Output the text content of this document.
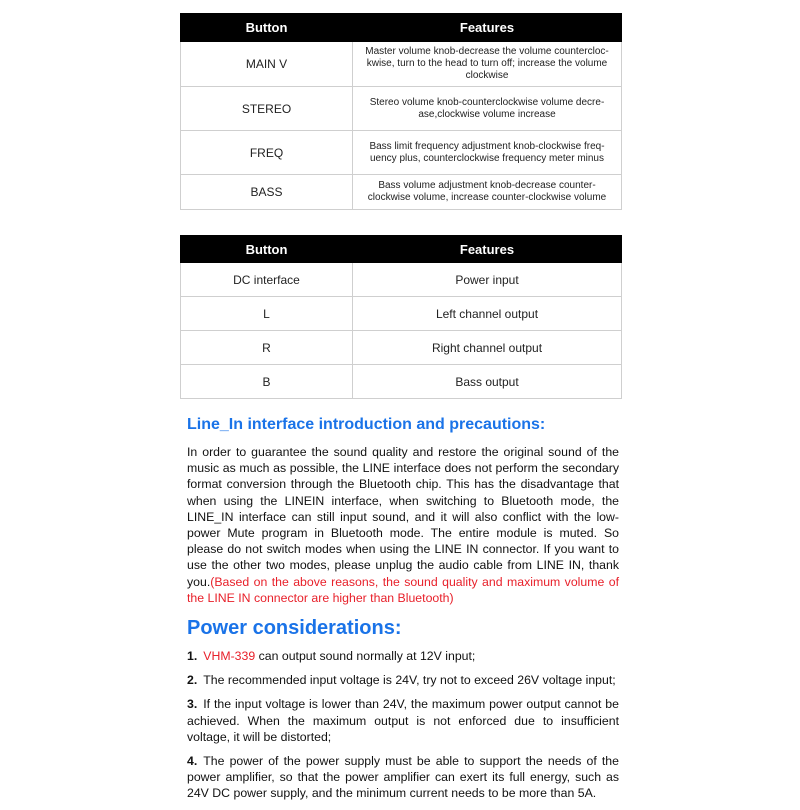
Button	Features
MAIN V	Master volume knob-decrease the volume countercloc-kwise, turn to the head to turn off; increase the volume clockwise
STEREO	Stereo volume knob-counterclockwise volume decre-ase,clockwise volume increase
FREQ	Bass limit frequency adjustment knob-clockwise freq-uency plus, counterclockwise frequency meter minus
BASS	Bass volume adjustment knob-decrease counter-clockwise volume, increase counter-clockwise volume
Button	Features
DC interface	Power input
L	Left channel output
R	Right channel output
B	Bass output
Line_In interface introduction and precautions:

In order to guarantee the sound quality and restore the original sound of the music as much as possible, the LINE interface does not perform the secondary format conversion through the Bluetooth chip. This has the disadvantage that when using the LINEIN interface, when switching to Bluetooth mode, the LINE_IN interface can still input sound, and it will also conflict with the low-power Mute program in Bluetooth mode. The entire module is muted. So please do not switch modes when using the LINE IN connector. If you want to use the other two modes, please unplug the audio cable from LINE IN, thank you.(Based on the above reasons, the sound quality and maximum volume of the LINE IN connector are higher than Bluetooth)

Power considerations:
1. VHM-339 can output sound normally at 12V input;
2. The recommended input voltage is 24V, try not to exceed 26V voltage input;
3. If the input voltage is lower than 24V, the maximum power output cannot be achieved. When the maximum output is not enforced due to insufficient voltage, it will be distorted;
4. The power of the power supply must be able to support the needs of the power amplifier, so that the power amplifier can exert its full energy, such as 24V DC power supply, and the minimum current needs to be more than 5A.
